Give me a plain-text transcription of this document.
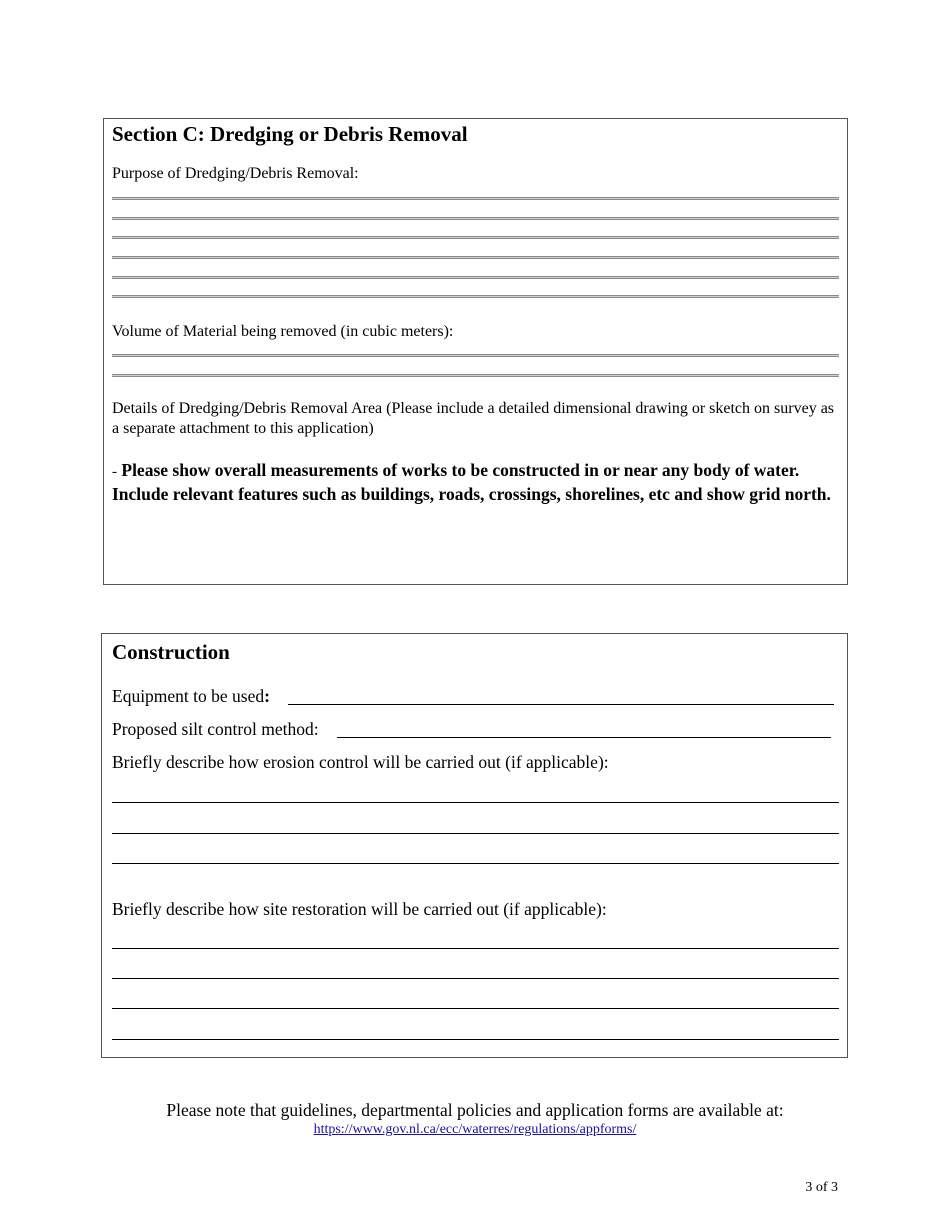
Section C: Dredging or Debris Removal
Purpose of Dredging/Debris Removal:
Volume of Material being removed (in cubic meters):
Details of Dredging/Debris Removal Area (Please include a detailed dimensional drawing or sketch on survey as a separate attachment to this application)
- Please show overall measurements of works to be constructed in or near any body of water. Include relevant features such as buildings, roads, crossings, shorelines, etc and show grid north.
Construction
Equipment to be used:
Proposed silt control method:
Briefly describe how erosion control will be carried out (if applicable):
Briefly describe how site restoration will be carried out (if applicable):
Please note that guidelines, departmental policies and application forms are available at:
https://www.gov.nl.ca/ecc/waterres/regulations/appforms/
3 of 3
